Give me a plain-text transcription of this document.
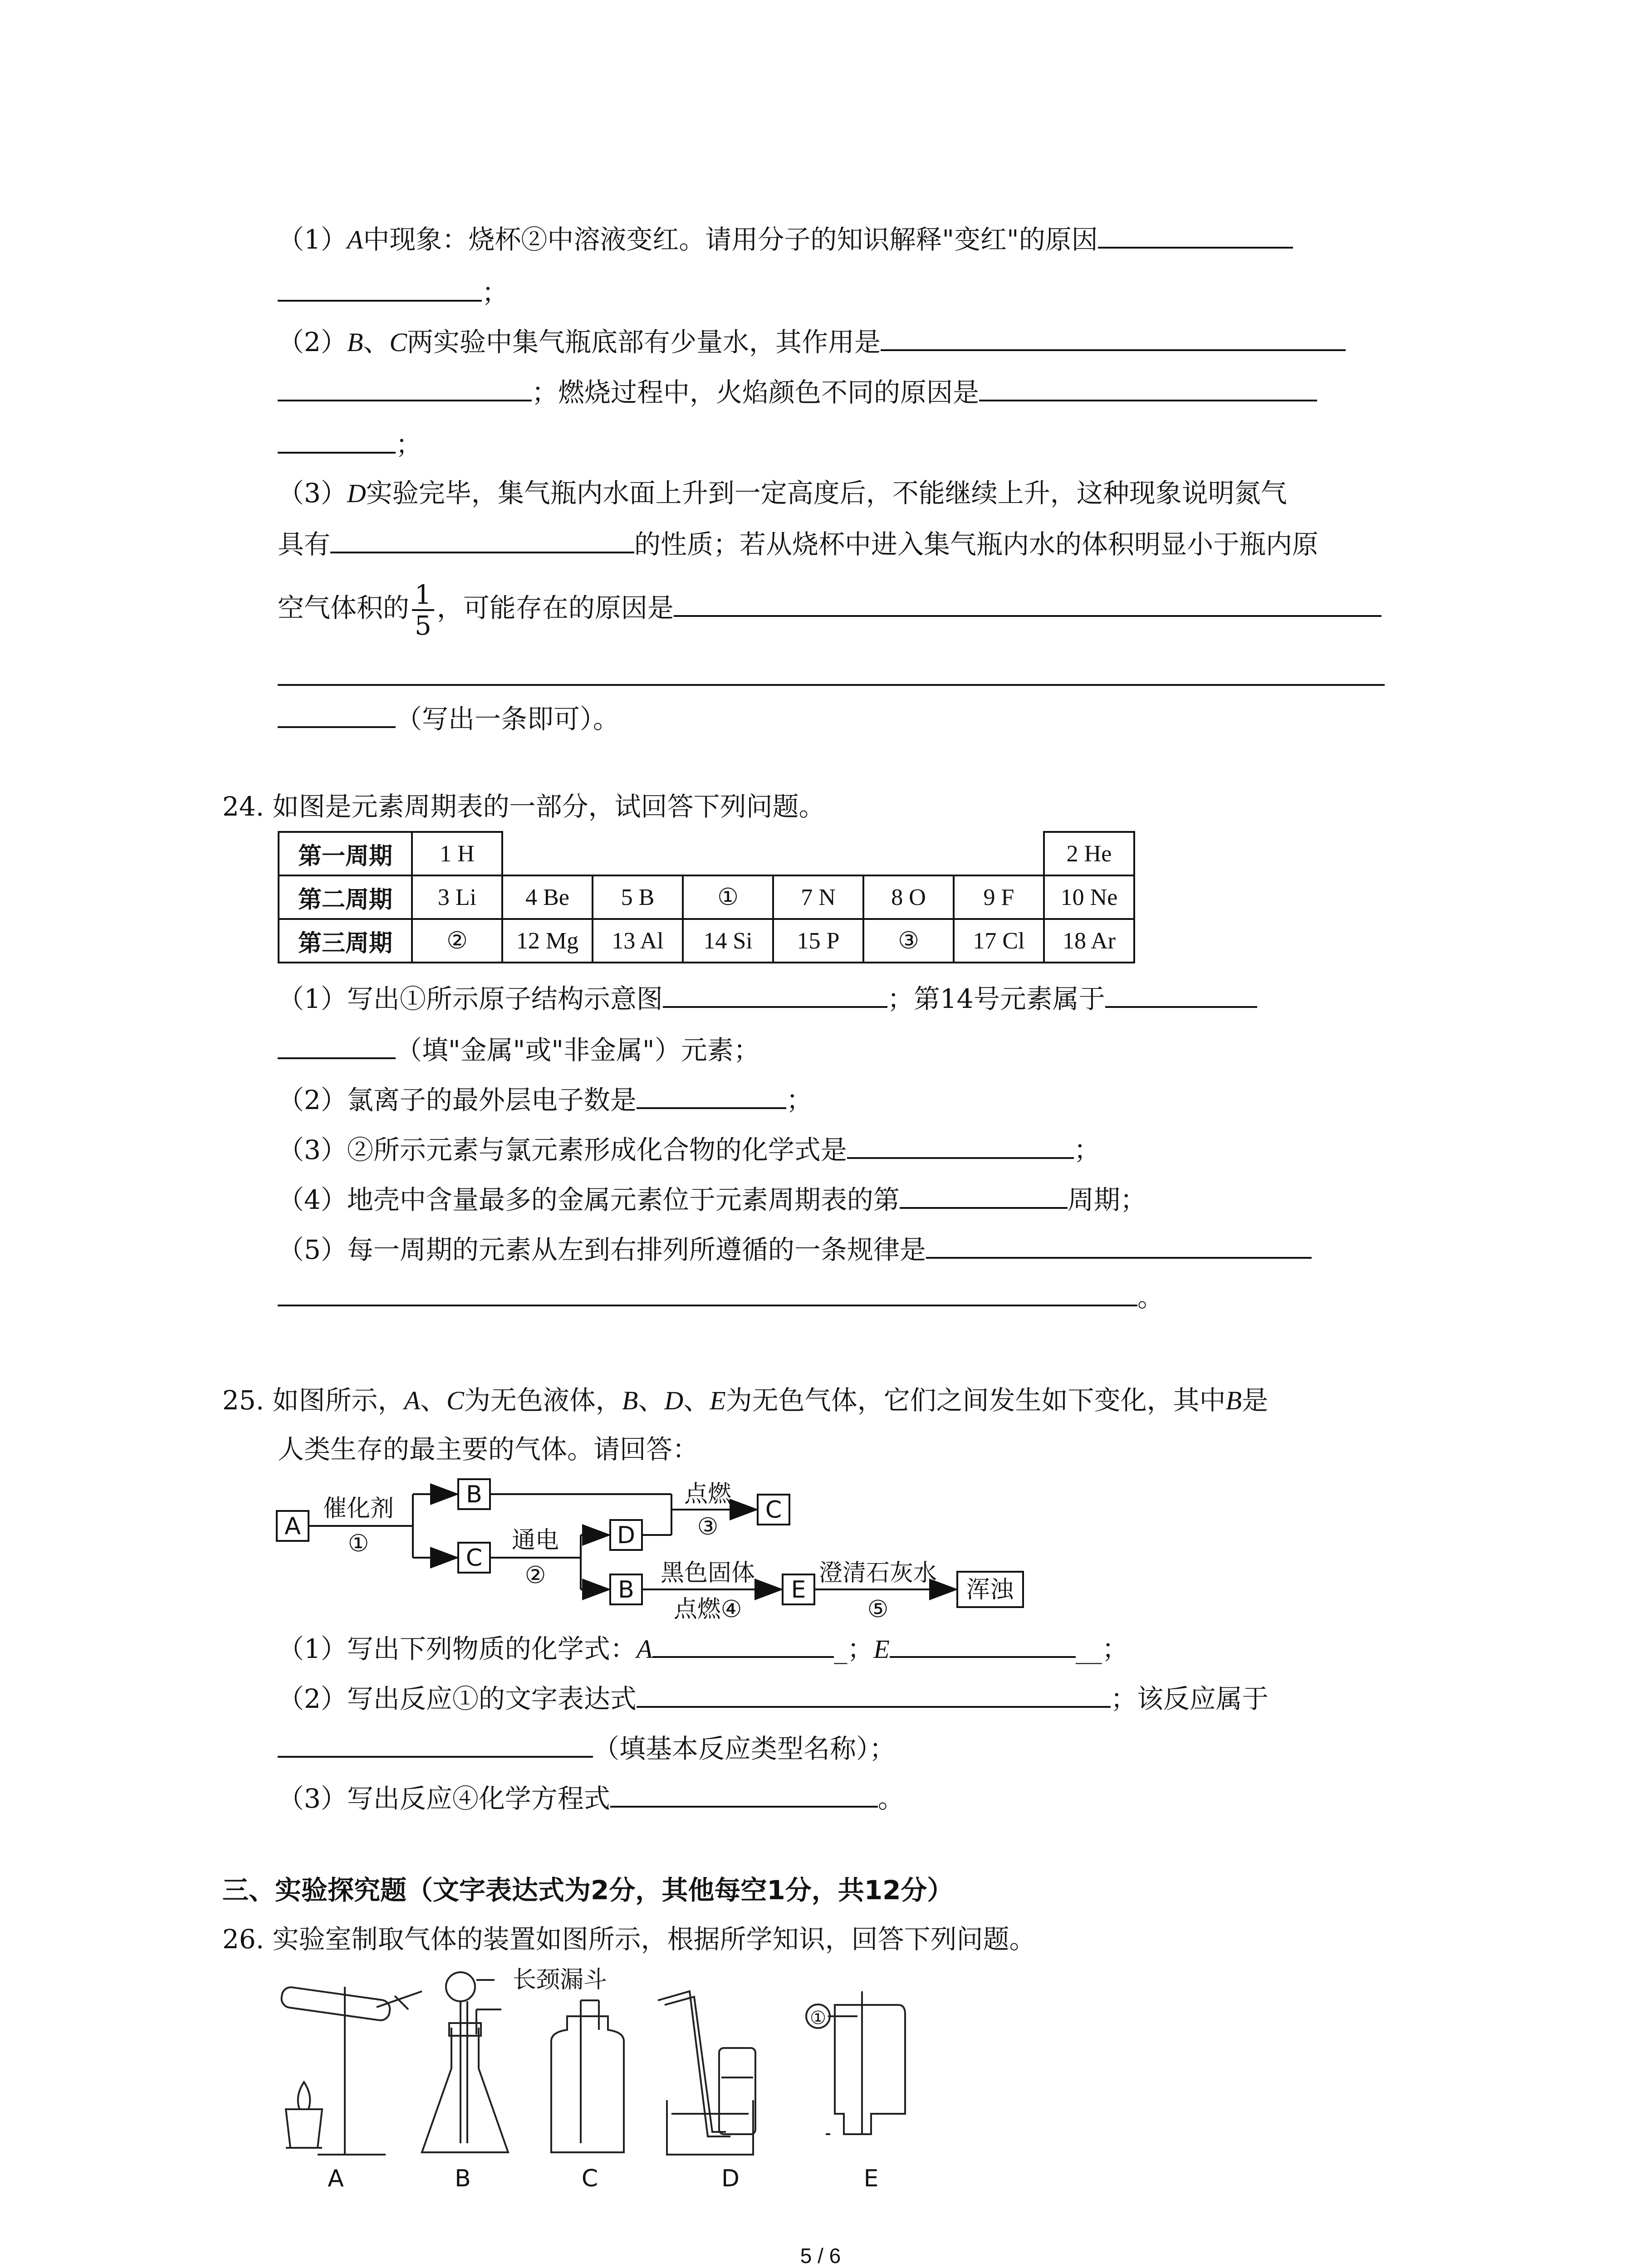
（1）A中现象：烧杯②中溶液变红。请用分子的知识解释"变红"的原因
；
（2）B、C两实验中集气瓶底部有少量水，其作用是
；燃烧过程中，火焰颜色不同的原因是
；
（3）D实验完毕，集气瓶内水面上升到一定高度后，不能继续上升，这种现象说明氮气
具有	的性质；若从烧杯中进入集气瓶内水的体积明显小于瓶内原
空气体积的 $\frac{1}{5}$ ，可能存在的原因是
（写出一条即可）。
24. 如图是元素周期表的一部分，试回答下列问题。
第一周期	1 H							2 He
第二周期	3 Li	4 Be	5 B	①	7 N	8 O	9 F	10 Ne
第三周期	②	12 Mg	13 Al	14 Si	15 P	③	17 Cl	18 Ar
（1）写出①所示原子结构示意图	；第14号元素属于
（填"金属"或"非金属"）元素；
（2）氯离子的最外层电子数是	；
（3）②所示元素与氯元素形成化合物的化学式是	；
（4）地壳中含量最多的金属元素位于元素周期表的第	周期；
（5）每一周期的元素从左到右排列所遵循的一条规律是
。
25. 如图所示，A、C为无色液体，B、D、E为无色气体，它们之间发生如下变化，其中B是
人类生存的最主要的气体。请回答：
A
B
C
D
C
B	E	浑浊
催化剂
①	通电
②
点燃
③
黑色固体
点燃④
澄清石灰水
⑤
（1）写出下列物质的化学式：A	_；E	__；
（2）写出反应①的文字表达式	；该反应属于
（填基本反应类型名称）；
（3）写出反应④化学方程式	。
三、实验探究题（文字表达式为2分，其他每空1分，共12分）
26. 实验室制取气体的装置如图所示，根据所学知识，回答下列问题。
长颈漏斗
①
A	B	C	D	E
5 / 6
